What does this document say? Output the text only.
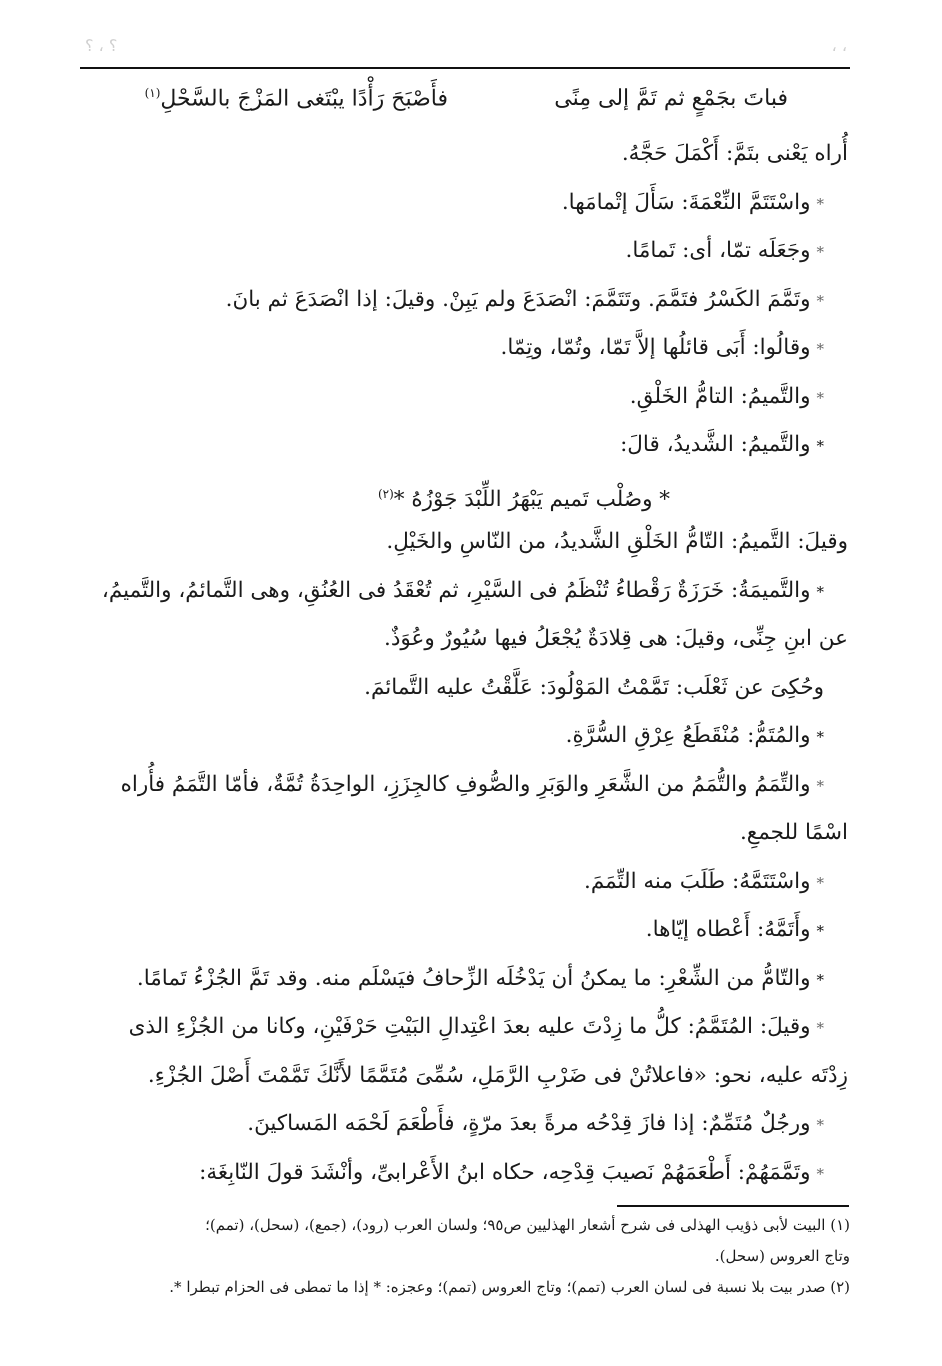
؟ ، ؟	، ،
فباتَ بجَمْعٍ ثم تَمَّ إلى مِنًى
فأَصْبَحَ رَأْدًا يبْتَغى المَزْجَ بالسَّحْلِ$^{(١)}$
أُراه يَعْنى بتَمَّ: أَكْمَلَ حَجَّهُ.
*واسْتَتَمَّ النِّعْمَةَ: سَأَلَ إتْمامَها.
*وجَعَلَه تمّا، أى: تَمامًا.
*وتَمَّمَ الكَسْرُ فتَمَّمَ. وتَتَمَّمَ: انْصَدَعَ ولم يَبِنْ. وقيلَ: إذا انْصَدَعَ ثم بانَ.
*وقالُوا: أَبَى قائلُها إلاَّ تَمّا، وتُمّا، وتِمّا.
*والتَّميمُ: التامُّ الخَلْقِ.
*والتَّميمُ: الشَّديدُ، قالَ:
* وصُلْب تَميم يَبْهَرُ اللِّبْدَ جَوْزُهُ *$^{(٢)}$
وقيلَ: التَّميمُ: التّامُّ الخَلْقِ الشَّديدُ، من النّاسِ والخَيْلِ.
*والتَّميمَةُ: خَرَزَةٌ رَقْطاءُ تُنْظَمُ فى السَّيْرِ، ثم تُعْقَدُ فى العُنُقِ، وهى التَّمائمُ، والتَّميمُ،
عن ابنِ جِنِّى، وقيلَ: هى قِلادَةٌ يُجْعَلُ فيها سُيُورٌ وعُوَذٌ.
وحُكِىَ عن ثَعْلَب: تَمَّمْتُ المَوْلُودَ: عَلَّقْتُ عليه التَّمائمَ.
*والمُتَمُّ: مُنْقَطَعُ عِرْقِ السُّرَّةِ.
*والتِّمَمُ والتُّمَمُ من الشَّعَرِ والوَبَرِ والصُّوفِ كالجِزَزِ، الواحِدَةُ تُمَّةٌ، فأمّا التَّمَمُ فأُراه
اسْمًا للجمعِ.
*واسْتَتَمَّهُ: طَلَبَ منه التِّمَمَ.
*وأَتَمَّهُ: أَعْطاه إيّاها.
*والتّامُّ من الشِّعْرِ: ما يمكنُ أن يَدْخُلَه الزِّحافُ فيَسْلَم منه. وقد تَمَّ الجُزْءُ تَمامًا.
*وقيلَ: المُتَمَّمُ: كلُّ ما زِدْتَ عليه بعدَ اعْتِدالِ البَيْتِ حَرْفَيْنِ، وكانا من الجُزْءِ الذى
زِدْتَه عليه، نحو: «فاعلاتُنْ فى ضَرْبِ الرَّمَلِ، سُمِّىَ مُتَمَّمًا لأَنَّكَ تَمَّمْتَ أَصْلَ الجُزْءِ.
*ورجُلٌ مُتَمِّمٌ: إذا فازَ قِدْحُه مرةً بعدَ مرّةٍ، فأَطْعَمَ لَحْمَه المَساكينَ.
*وتَمَّمَهُمْ: أَطْعَمَهُمْ نَصيبَ قِدْحِه، حكاه ابنُ الأَعْرابىِّ، وأنْشَدَ قولَ النّابِغَة:
(١) البيت لأبى ذؤيب الهذلى فى شرح أشعار الهذليين ص٩٥؛ ولسان العرب (رود)، (جمع)، (سحل)، (تمم)؛
وتاج العروس (سحل).
(٢) صدر بيت بلا نسبة فى لسان العرب (تمم)؛ وتاج العروس (تمم)؛ وعجزه: * إذا ما تمطى فى الحزام تبطرا *.
